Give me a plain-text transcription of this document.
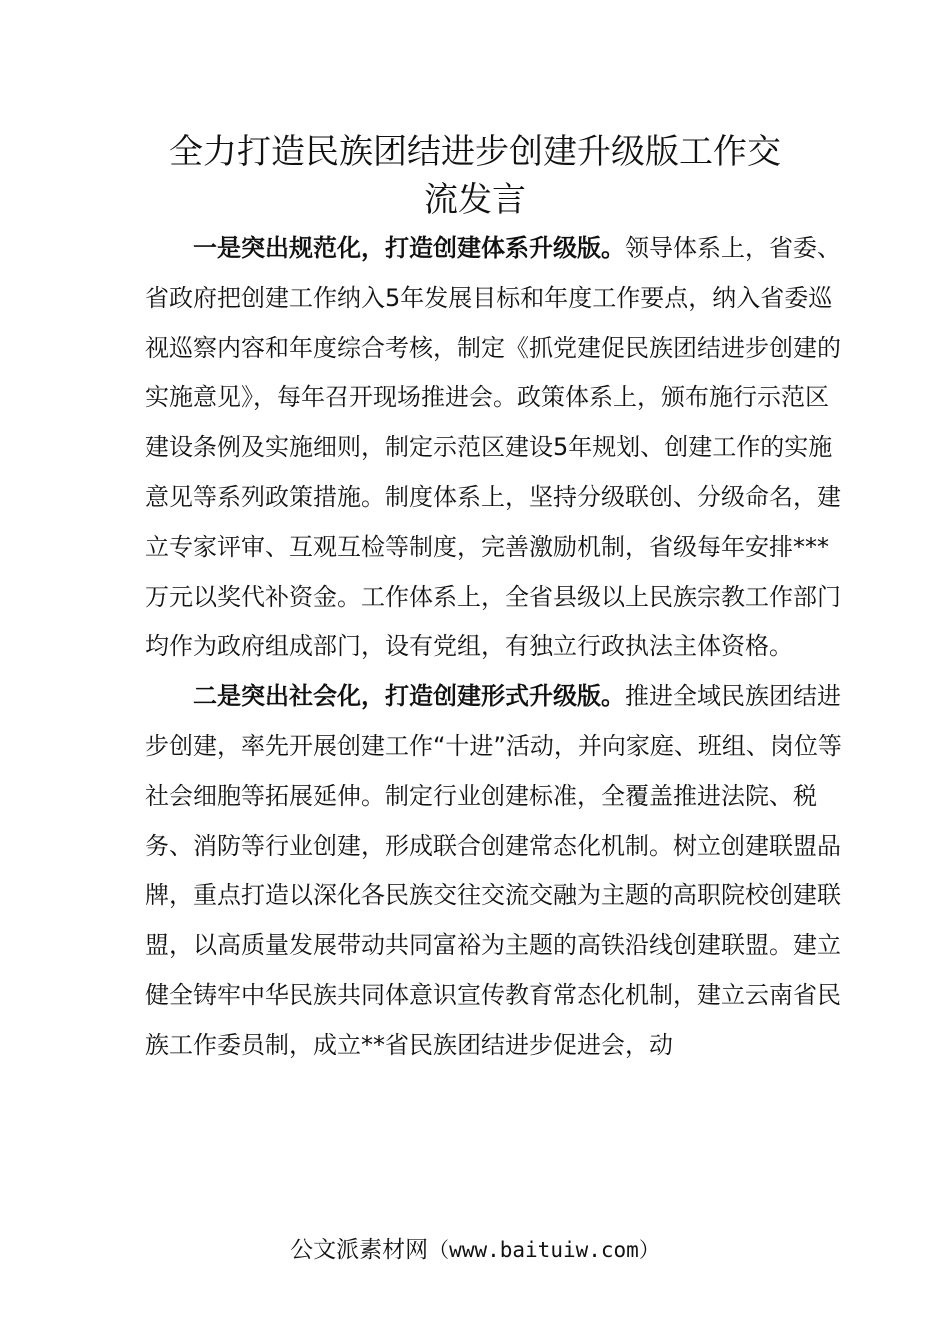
全力打造民族团结进步创建升级版工作交
流发言

一是突出规范化，打造创建体系升级版。领导体系上，省委、省政府把创建工作纳入5年发展目标和年度工作要点，纳入省委巡视巡察内容和年度综合考核，制定《抓党建促民族团结进步创建的实施意见》，每年召开现场推进会。政策体系上，颁布施行示范区建设条例及实施细则，制定示范区建设5年规划、创建工作的实施意见等系列政策措施。制度体系上，坚持分级联创、分级命名，建立专家评审、互观互检等制度，完善激励机制，省级每年安排***万元以奖代补资金。工作体系上，全省县级以上民族宗教工作部门均作为政府组成部门，设有党组，有独立行政执法主体资格。

二是突出社会化，打造创建形式升级版。推进全域民族团结进步创建，率先开展创建工作“十进”活动，并向家庭、班组、岗位等社会细胞等拓展延伸。制定行业创建标准，全覆盖推进法院、税务、消防等行业创建，形成联合创建常态化机制。树立创建联盟品牌，重点打造以深化各民族交往交流交融为主题的高职院校创建联盟，以高质量发展带动共同富裕为主题的高铁沿线创建联盟。建立健全铸牢中华民族共同体意识宣传教育常态化机制，建立云南省民族工作委员制，成立**省民族团结进步促进会，动

公文派素材网（www.baituiw.com）
